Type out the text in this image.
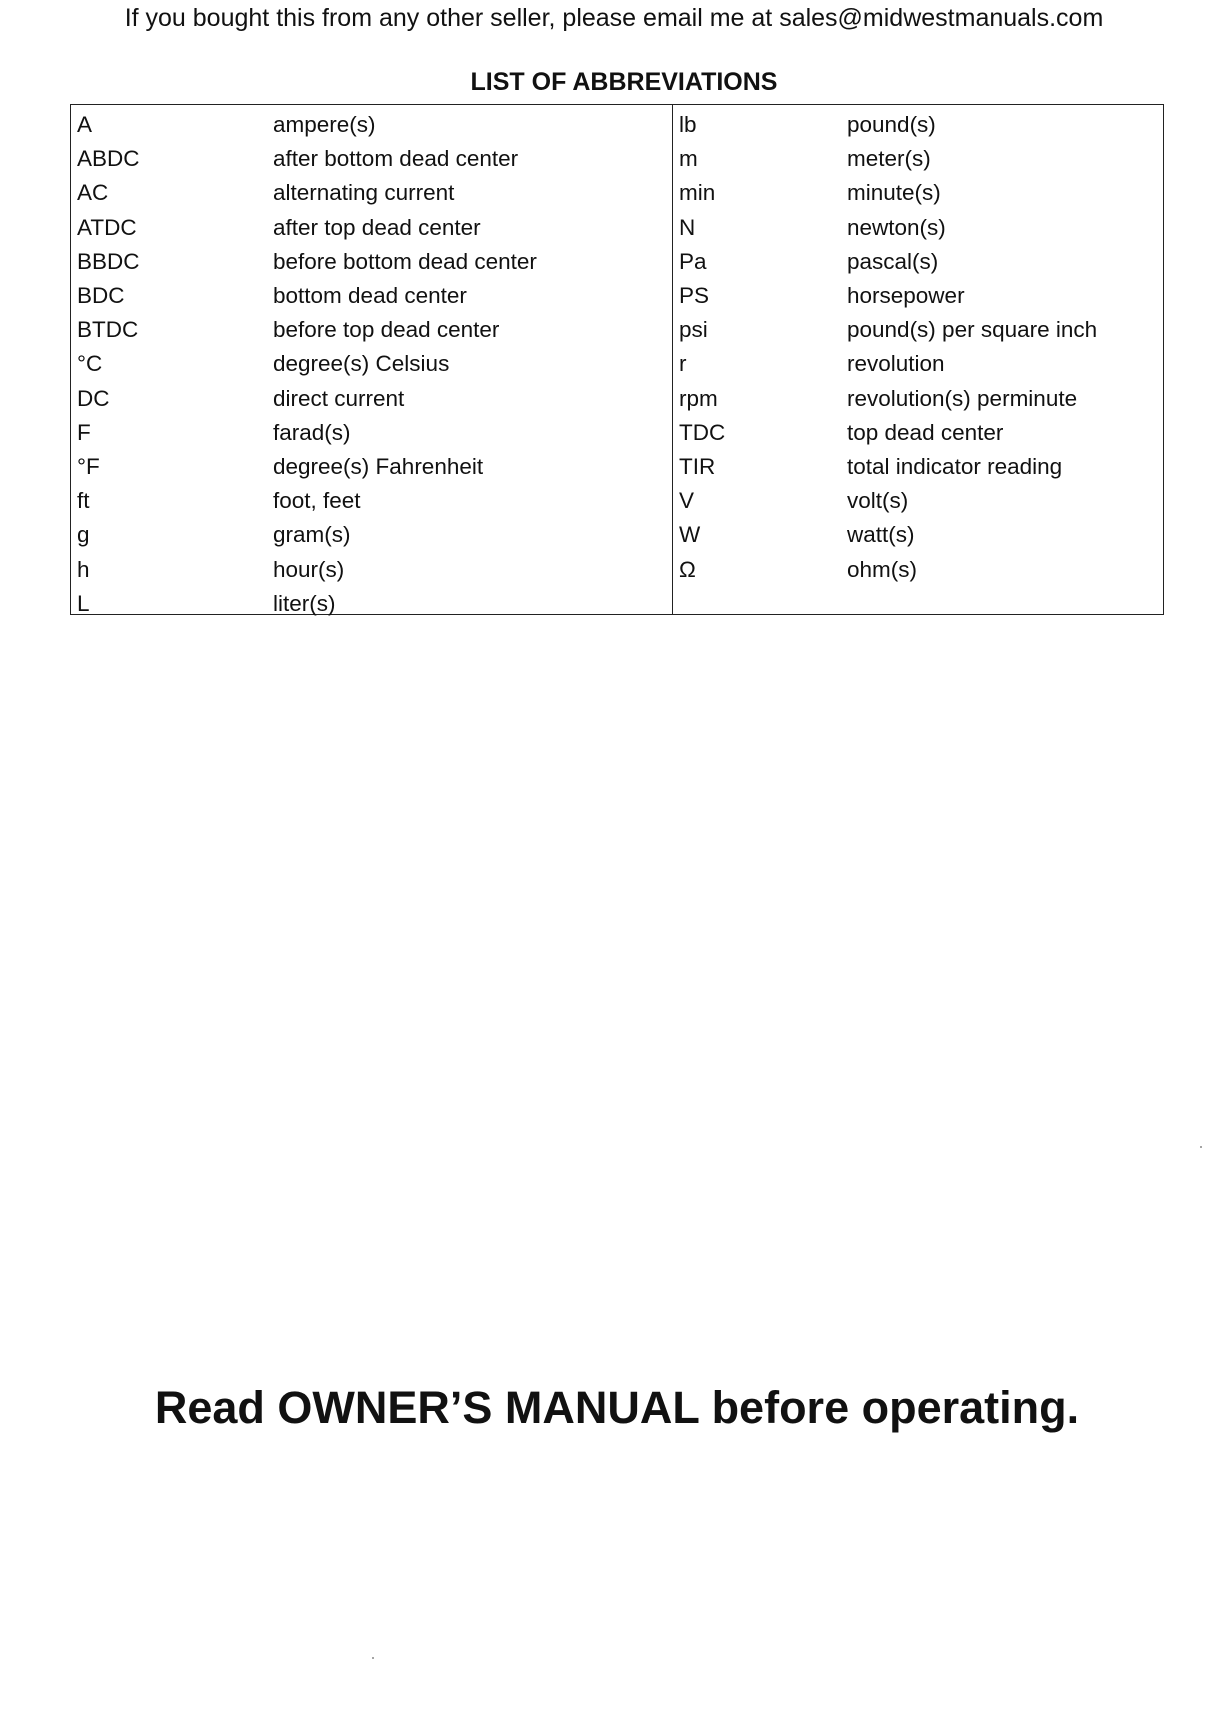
If you bought this from any other seller, please email me at sales@midwestmanuals.com
LIST OF ABBREVIATIONS
A	ampere(s)
ABDC	after bottom dead center
AC	alternating current
ATDC	after top dead center
BBDC	before bottom dead center
BDC	bottom dead center
BTDC	before top dead center
°C	degree(s) Celsius
DC	direct current
F	farad(s)
°F	degree(s) Fahrenheit
ft	foot, feet
g	gram(s)
h	hour(s)
L	liter(s)
lb	pound(s)
m	meter(s)
min	minute(s)
N	newton(s)
Pa	pascal(s)
PS	horsepower
psi	pound(s) per square inch
r	revolution
rpm	revolution(s) perminute
TDC	top dead center
TIR	total indicator reading
V	volt(s)
W	watt(s)
Ω	ohm(s)
Read OWNER’S MANUAL before operating.
